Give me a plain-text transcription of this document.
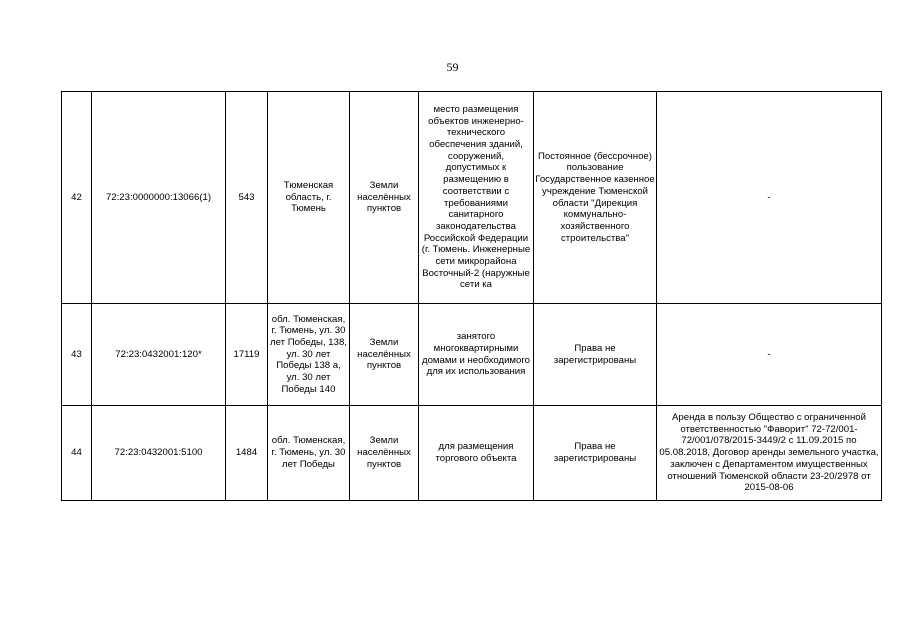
59
42	72:23:0000000:13066(1)	543	Тюменская область, г. Тюмень	Земли населённых пунктов	место размещения объектов инженерно-технического обеспечения зданий, сооружений, допустимых к размещению в соответствии с требованиями санитарного законодательства Российской Федерации (г. Тюмень. Инженерные сети микрорайона Восточный-2 (наружные сети ка	Постоянное (бессрочное) пользование Государственное казенное учреждение Тюменской области "Дирекция коммунально-хозяйственного строительства"	-
43	72:23:0432001:120*	17119	обл. Тюменская, г. Тюмень, ул. 30 лет Победы, 138, ул. 30 лет Победы 138 а, ул. 30 лет Победы 140	Земли населённых пунктов	занятого многоквартирными домами и необходимого для их использования	Права не зарегистрированы	-
44	72:23:0432001:5100	1484	обл. Тюменская, г. Тюмень, ул. 30 лет Победы	Земли населённых пунктов	для размещения торгового объекта	Права не зарегистрированы	Аренда в пользу Общество с ограниченной ответственностью "Фаворит" 72-72/001-72/001/078/2015-3449/2 с 11.09.2015 по 05.08.2018, Договор аренды земельного участка, заключен с Департаментом имущественных отношений Тюменской области 23-20/2978 от 2015-08-06
